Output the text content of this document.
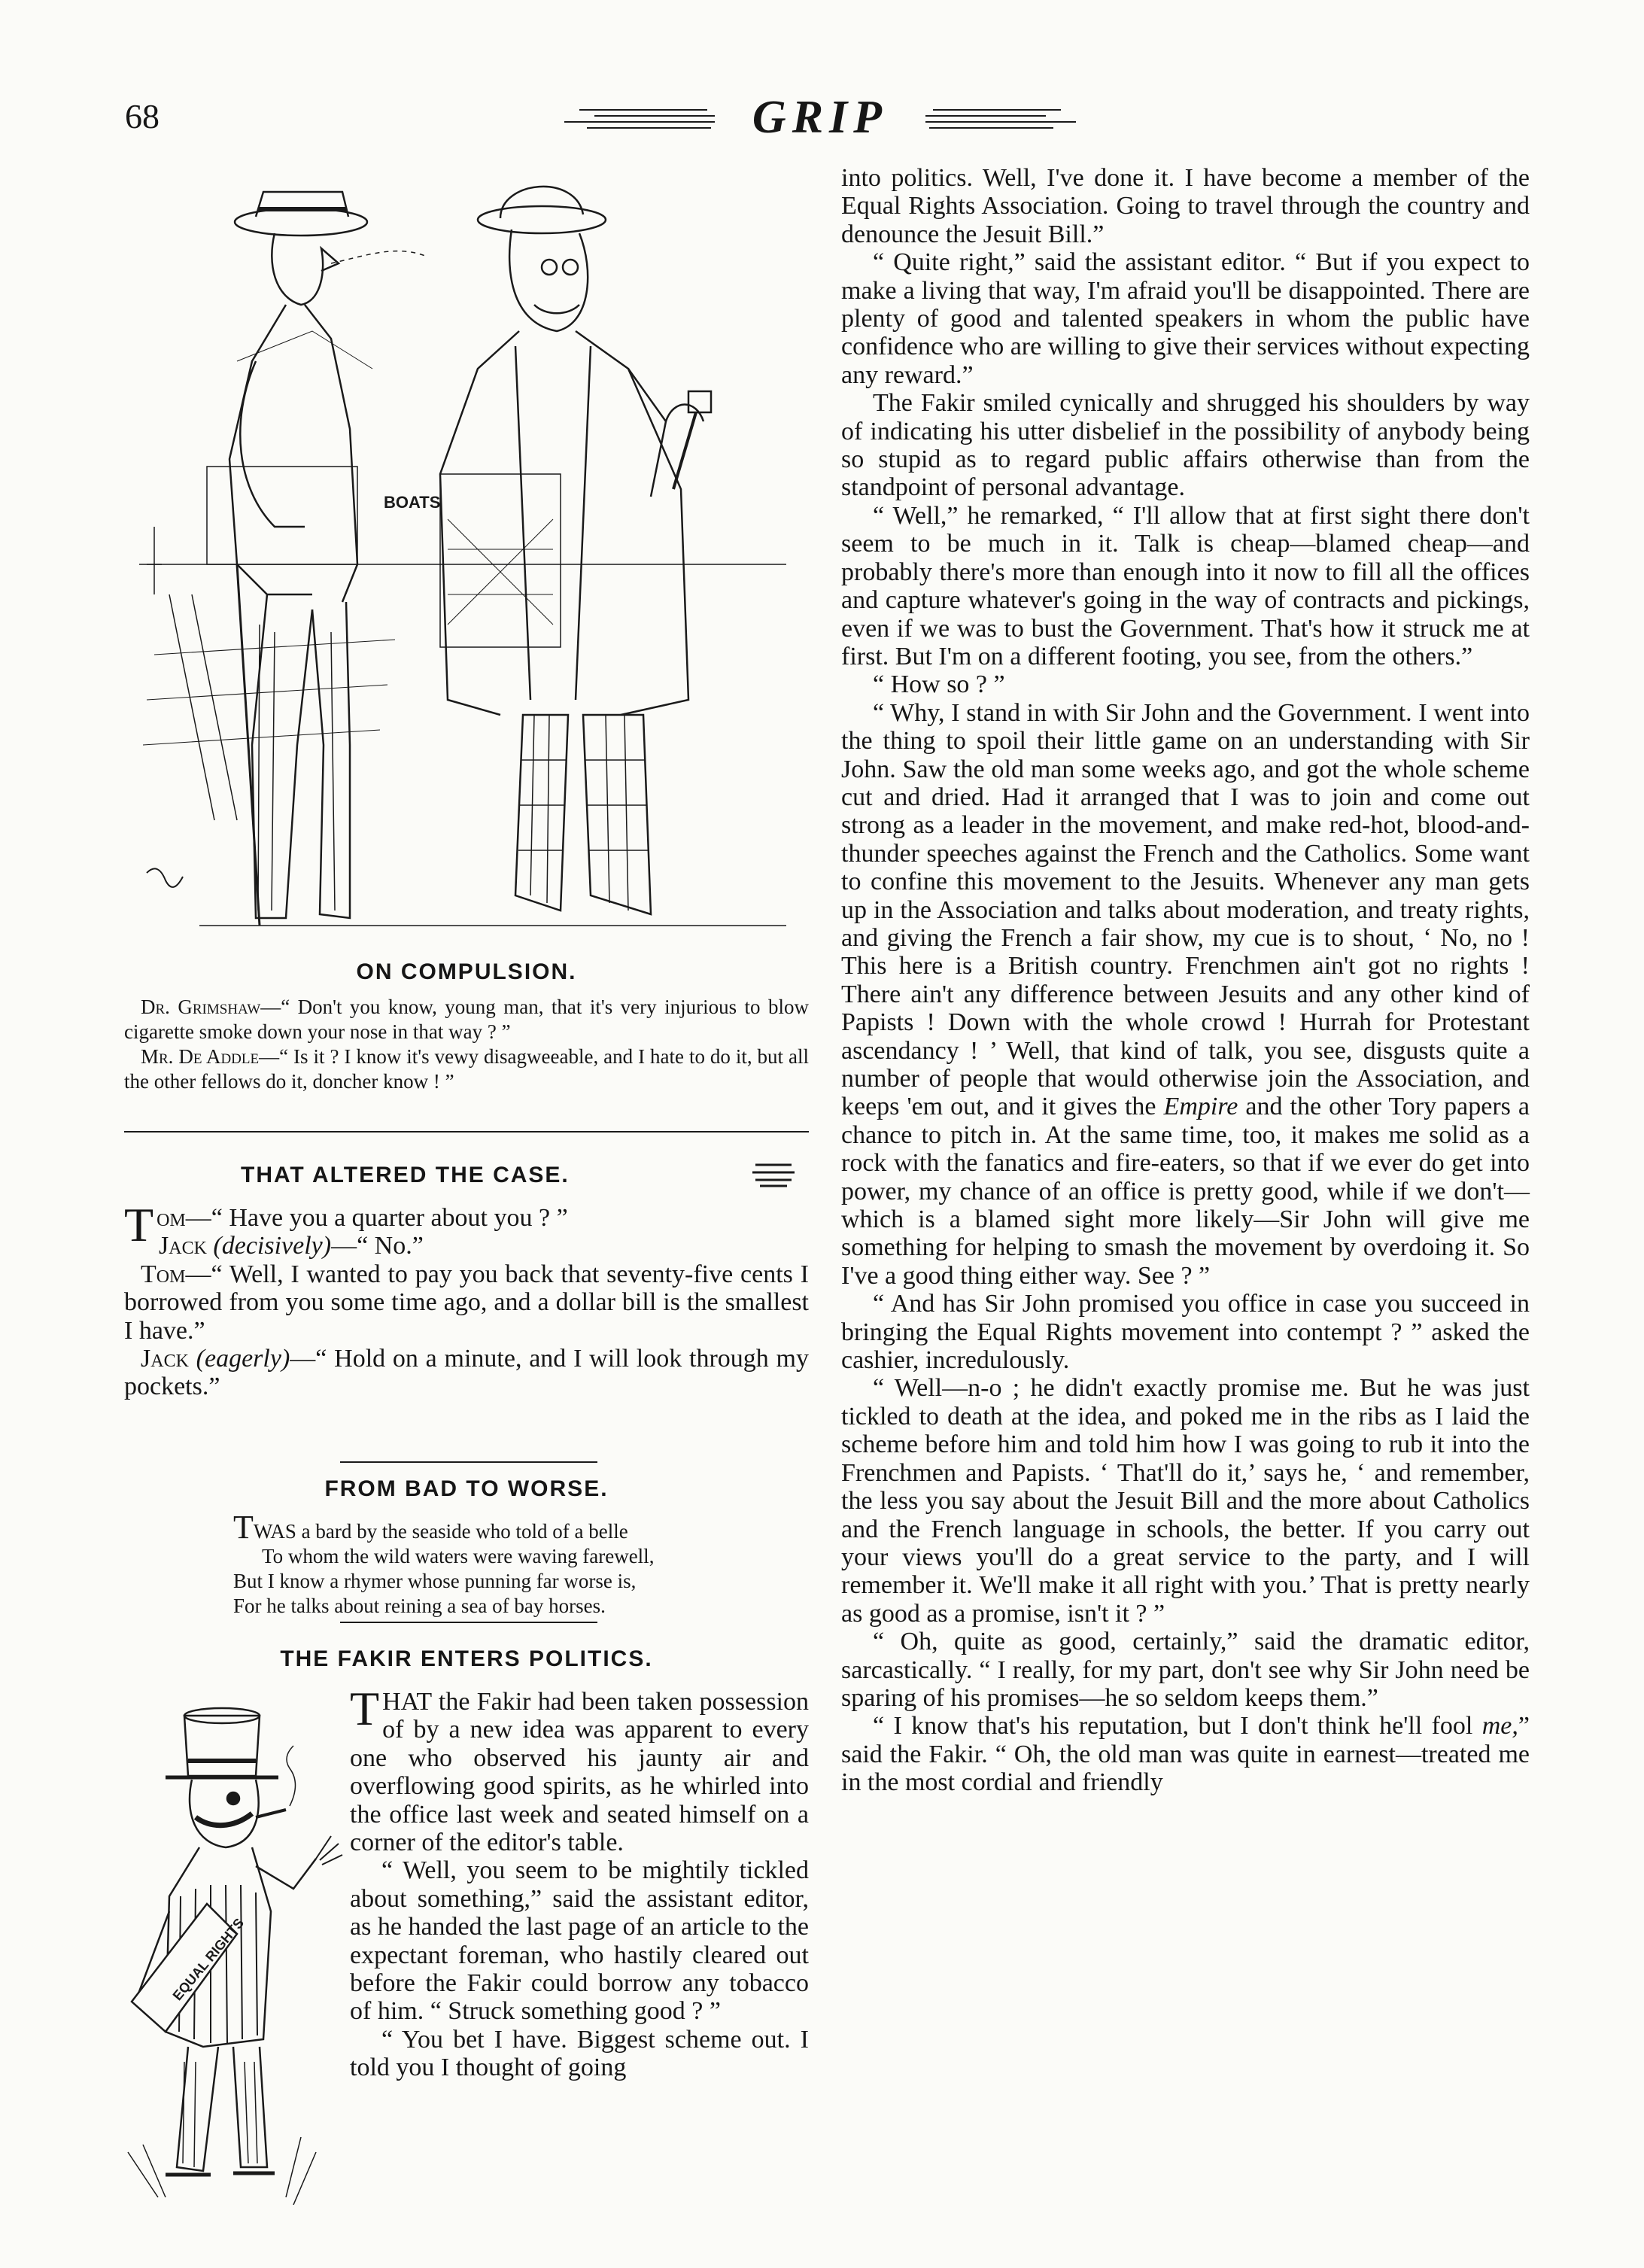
68	GRIP
BOATS
ON COMPULSION.
Dr. Grimshaw—“ Don't you know, young man, that it's very injurious to blow cigarette smoke down your nose in that way ? ”
Mr. De Addle—“ Is it ? I know it's vewy disagweeable, and I hate to do it, but all the other fellows do it, doncher know ! ”
THAT ALTERED THE CASE.
Tom—“ Have you a quarter about you ? ”
Jack (decisively)—“ No.”
Tom—“ Well, I wanted to pay you back that seventy-five cents I borrowed from you some time ago, and a dollar bill is the smallest I have.”
Jack (eagerly)—“ Hold on a minute, and I will look through my pockets.”
FROM BAD TO WORSE.
TWAS a bard by the seaside who told of a belle
To whom the wild waters were waving farewell,
But I know a rhymer whose punning far worse is,
For he talks about reining a sea of bay horses.
THE FAKIR ENTERS POLITICS.
EQUAL RIGHTS

THAT the Fakir had been taken possession of by a new idea was apparent to every one who observed his jaunty air and overflowing good spirits, as he whirled into the office last week and seated himself on a corner of the editor's table.

“ Well, you seem to be mightily tickled about something,” said the assistant editor, as he handed the last page of an article to the expectant foreman, who hastily cleared out before the Fakir could borrow any tobacco of him. “ Struck something good ? ”

“ You bet I have. Biggest scheme out. I told you I thought of going

into politics. Well, I've done it. I have become a member of the Equal Rights Association. Going to travel through the country and denounce the Jesuit Bill.”

“ Quite right,” said the assistant editor. “ But if you expect to make a living that way, I'm afraid you'll be disappointed. There are plenty of good and talented speakers in whom the public have confidence who are willing to give their services without expecting any reward.”

The Fakir smiled cynically and shrugged his shoulders by way of indicating his utter disbelief in the possibility of anybody being so stupid as to regard public affairs otherwise than from the standpoint of personal advantage.

“ Well,” he remarked, “ I'll allow that at first sight there don't seem to be much in it. Talk is cheap—blamed cheap—and probably there's more than enough into it now to fill all the offices and capture whatever's going in the way of contracts and pickings, even if we was to bust the Government. That's how it struck me at first. But I'm on a different footing, you see, from the others.”

“ How so ? ”

“ Why, I stand in with Sir John and the Government. I went into the thing to spoil their little game on an understanding with Sir John. Saw the old man some weeks ago, and got the whole scheme cut and dried. Had it arranged that I was to join and come out strong as a leader in the movement, and make red-hot, blood-and-thunder speeches against the French and the Catholics. Some want to confine this movement to the Jesuits. Whenever any man gets up in the Association and talks about moderation, and treaty rights, and giving the French a fair show, my cue is to shout, ‘ No, no ! This here is a British country. Frenchmen ain't got no rights ! There ain't any difference between Jesuits and any other kind of Papists ! Down with the whole crowd ! Hurrah for Protestant ascendancy ! ’ Well, that kind of talk, you see, disgusts quite a number of people that would otherwise join the Association, and keeps 'em out, and it gives the Empire and the other Tory papers a chance to pitch in. At the same time, too, it makes me solid as a rock with the fanatics and fire-eaters, so that if we ever do get into power, my chance of an office is pretty good, while if we don't—which is a blamed sight more likely—Sir John will give me something for helping to smash the movement by overdoing it. So I've a good thing either way. See ? ”

“ And has Sir John promised you office in case you succeed in bringing the Equal Rights movement into contempt ? ” asked the cashier, incredulously.

“ Well—n-o ; he didn't exactly promise me. But he was just tickled to death at the idea, and poked me in the ribs as I laid the scheme before him and told him how I was going to rub it into the Frenchmen and Papists. ‘ That'll do it,’ says he, ‘ and remember, the less you say about the Jesuit Bill and the more about Catholics and the French language in schools, the better. If you carry out your views you'll do a great service to the party, and I will remember it. We'll make it all right with you.’ That is pretty nearly as good as a promise, isn't it ? ”

“ Oh, quite as good, certainly,” said the dramatic editor, sarcastically. “ I really, for my part, don't see why Sir John need be sparing of his promises—he so seldom keeps them.”

“ I know that's his reputation, but I don't think he'll fool me,” said the Fakir. “ Oh, the old man was quite in earnest—treated me in the most cordial and friendly
